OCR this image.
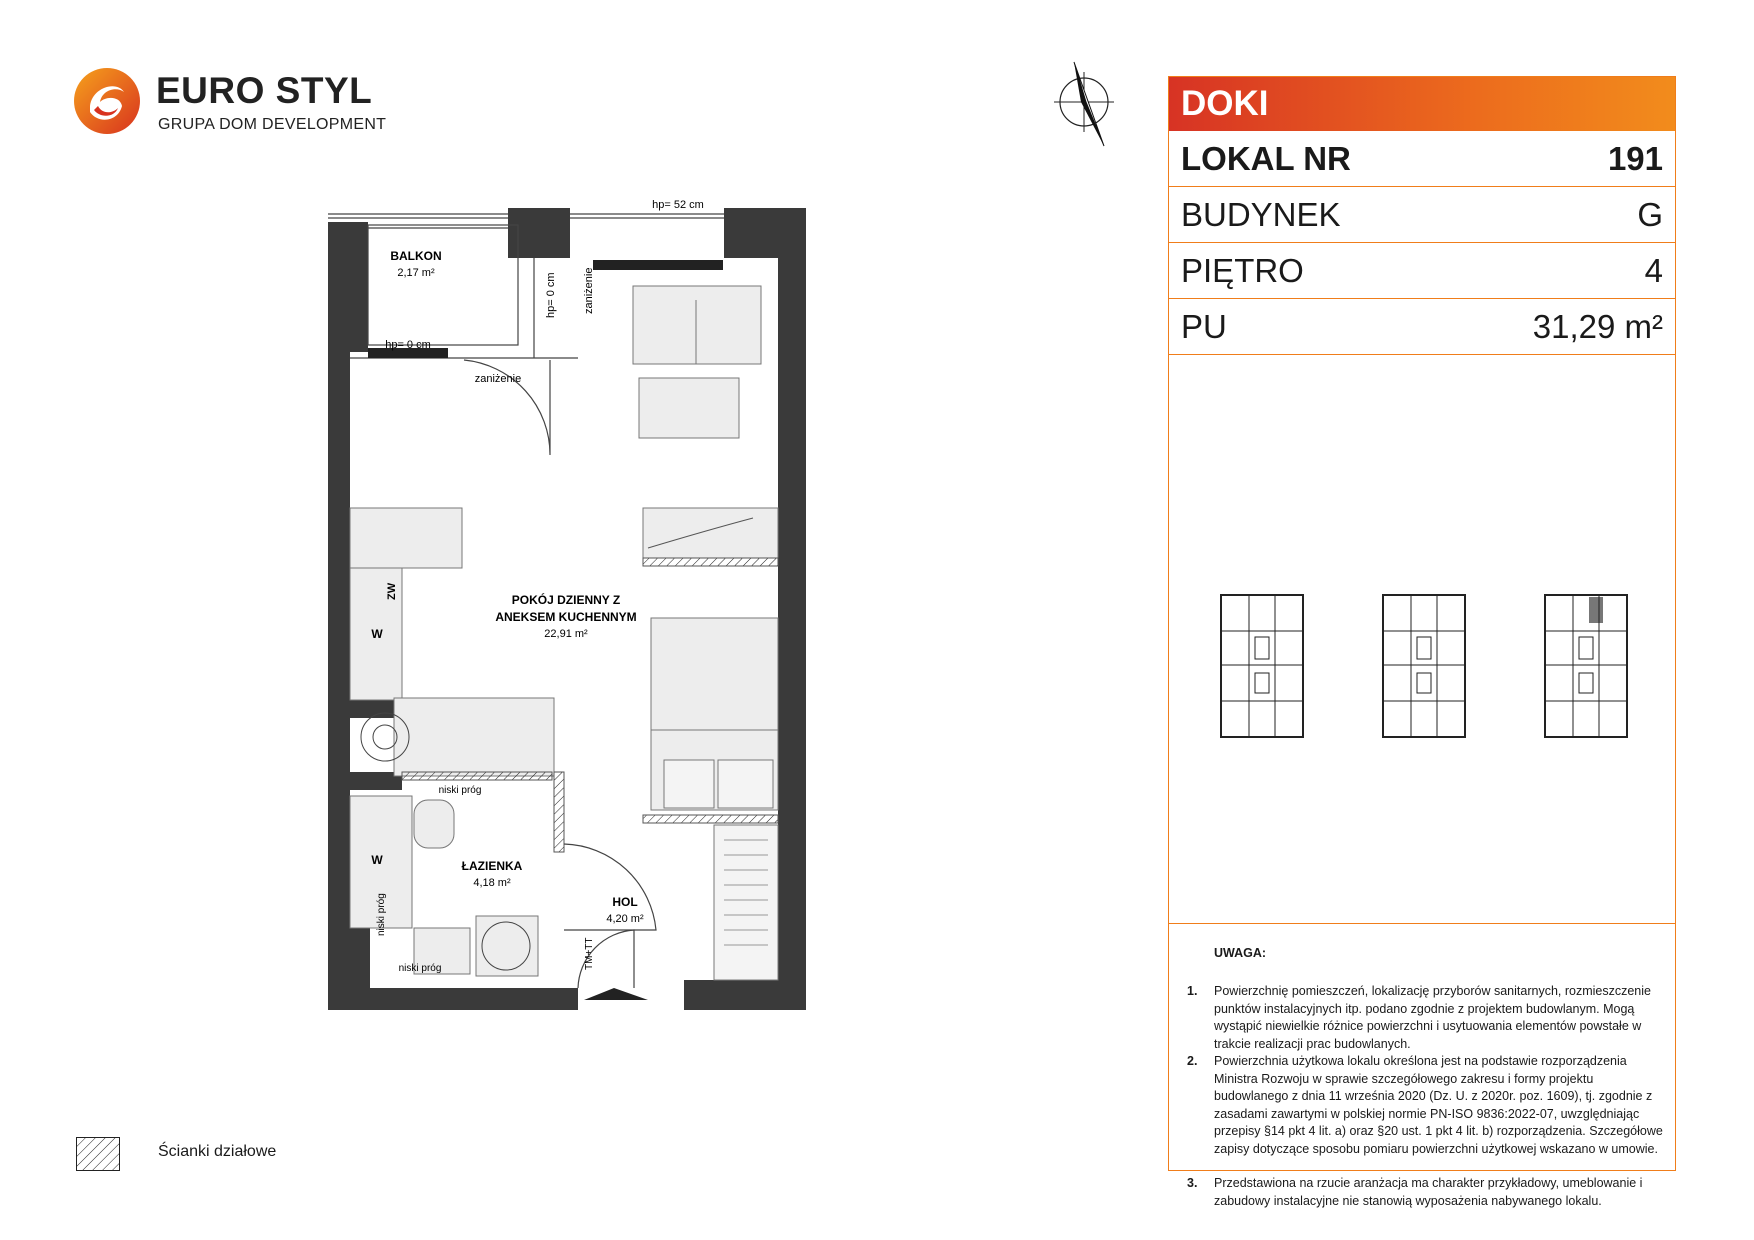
EURO STYL
GRUPA DOM DEVELOPMENT
BALKON
2,17 m²
POKÓJ DZIENNY Z
ANEKSEM KUCHENNYM
22,91 m²
ŁAZIENKA
4,18 m²
HOL
4,20 m²
hp= 52 cm
hp= 0 cm
hp= 0 cm zaniżenie
zaniżenie
niski próg
niski próg
niski próg
ZW
W
W
TM+TT
Ścianki działowe
DOKI
LOKAL NR	191
BUDYNEK	G
PIĘTRO	4
PU	31,29 m²
UWAGA:
1. Powierzchnię pomieszczeń, lokalizację przyborów sanitarnych, rozmieszczenie punktów instalacyjnych itp. podano zgodnie z projektem budowlanym. Mogą wystąpić niewielkie różnice powierzchni i usytuowania elementów powstałe w trakcie realizacji prac budowlanych.
2. Powierzchnia użytkowa lokalu określona jest na podstawie rozporządzenia Ministra Rozwoju w sprawie szczegółowego zakresu i formy projektu budowlanego z dnia 11 września 2020 (Dz. U. z 2020r. poz. 1609), tj. zgodnie z zasadami zawartymi w polskiej normie PN-ISO 9836:2022-07, uwzględniając przepisy §14 pkt 4 lit. a) oraz §20 ust. 1 pkt 4 lit. b) rozporządzenia. Szczegółowe zapisy dotyczące sposobu pomiaru powierzchni użytkowej wskazano w umowie.
3. Przedstawiona na rzucie aranżacja ma charakter przykładowy, umeblowanie i zabudowy instalacyjne nie stanowią wyposażenia nabywanego lokalu.
